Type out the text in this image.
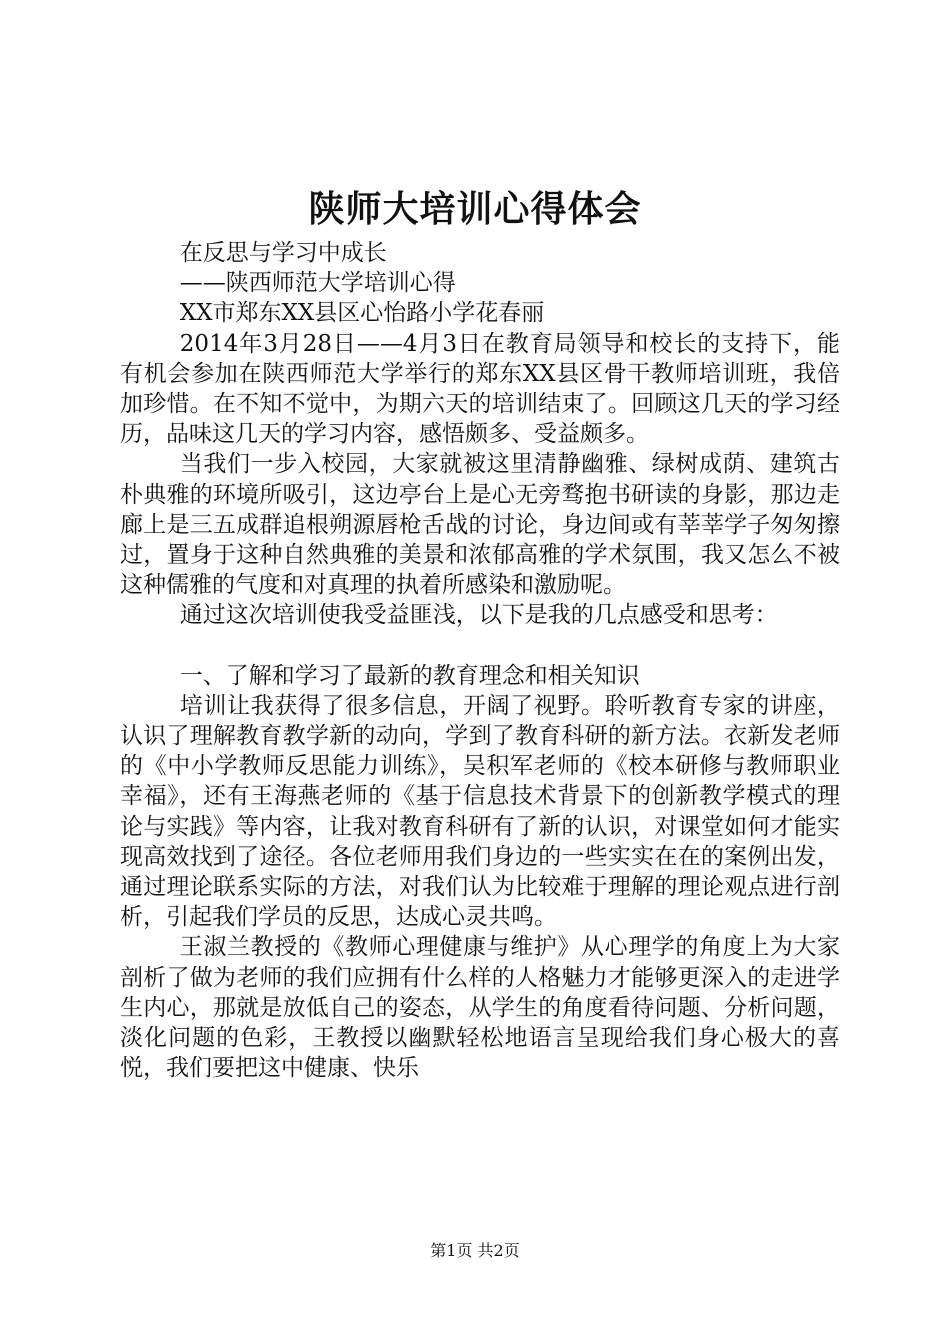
陕师大培训心得体会

在反思与学习中成长

——陕西师范大学培训心得

XX市郑东XX县区心怡路小学花春丽

2014年3月28日——4月3日在教育局领导和校长的支持下，能有机会参加在陕西师范大学举行的郑东XX县区骨干教师培训班，我倍加珍惜。在不知不觉中，为期六天的培训结束了。回顾这几天的学习经历，品味这几天的学习内容，感悟颇多、受益颇多。

当我们一步入校园，大家就被这里清静幽雅、绿树成荫、建筑古朴典雅的环境所吸引，这边亭台上是心无旁骛抱书研读的身影，那边走廊上是三五成群追根朔源唇枪舌战的讨论，身边间或有莘莘学子匆匆擦过，置身于这种自然典雅的美景和浓郁高雅的学术氛围，我又怎么不被这种儒雅的气度和对真理的执着所感染和激励呢。

通过这次培训使我受益匪浅，以下是我的几点感受和思考：

一、了解和学习了最新的教育理念和相关知识

培训让我获得了很多信息，开阔了视野。聆听教育专家的讲座，认识了理解教育教学新的动向，学到了教育科研的新方法。衣新发老师的《中小学教师反思能力训练》，吴积军老师的《校本研修与教师职业幸福》，还有王海燕老师的《基于信息技术背景下的创新教学模式的理论与实践》等内容，让我对教育科研有了新的认识，对课堂如何才能实现高效找到了途径。各位老师用我们身边的一些实实在在的案例出发，通过理论联系实际的方法，对我们认为比较难于理解的理论观点进行剖析，引起我们学员的反思，达成心灵共鸣。

王淑兰教授的《教师心理健康与维护》从心理学的角度上为大家剖析了做为老师的我们应拥有什么样的人格魅力才能够更深入的走进学生内心，那就是放低自己的姿态，从学生的角度看待问题、分析问题，淡化问题的色彩，王教授以幽默轻松地语言呈现给我们身心极大的喜悦，我们要把这中健康、快乐

第1页 共2页
